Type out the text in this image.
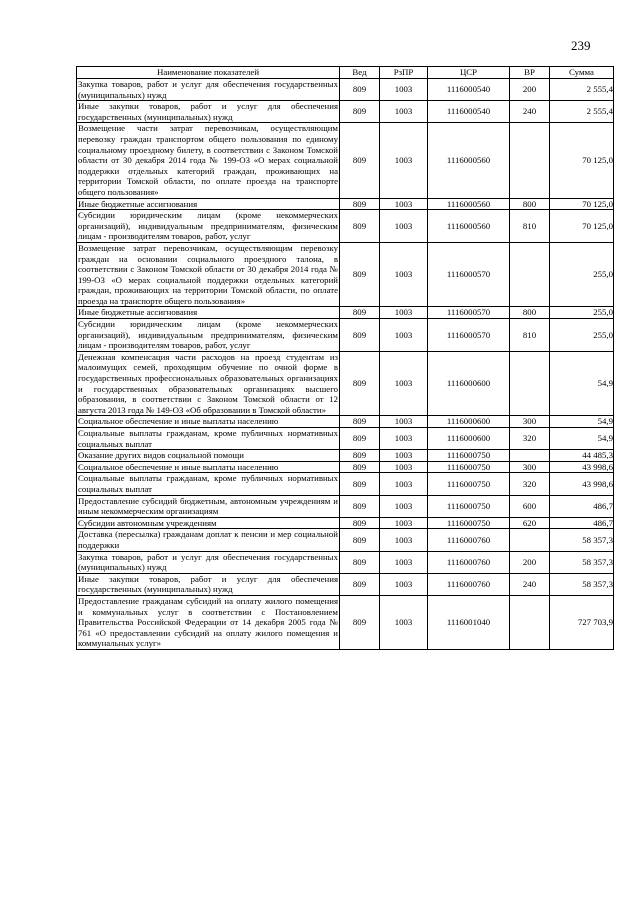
239
Наименование показателей	Вед	РзПР	ЦСР	ВР	Сумма
Закупка товаров, работ и услуг для обеспечения государственных (муниципальных) нужд	809	1003	1116000540	200	2 555,4
Иные закупки товаров, работ и услуг для обеспечения государственных (муниципальных) нужд	809	1003	1116000540	240	2 555,4
Возмещение части затрат перевозчикам, осуществляющим перевозку граждан транспортом общего пользования по единому социальному проездному билету, в соответствии с Законом Томской области от 30 декабря 2014 года № 199-ОЗ «О мерах социальной поддержки отдельных категорий граждан, проживающих на территории Томской области, по оплате проезда на транспорте общего пользования»	809	1003	1116000560		70 125,0
Иные бюджетные ассигнования	809	1003	1116000560	800	70 125,0
Субсидии юридическим лицам (кроме некоммерческих организаций), индивидуальным предпринимателям, физическим лицам - производителям товаров, работ, услуг	809	1003	1116000560	810	70 125,0
Возмещение затрат перевозчикам, осуществляющим перевозку граждан на основании социального проездного талона, в соответствии с Законом Томской области от 30 декабря 2014 года № 199-ОЗ «О мерах социальной поддержки отдельных категорий граждан, проживающих на территории Томской области, по оплате проезда на транспорте общего пользования»	809	1003	1116000570		255,0
Иные бюджетные ассигнования	809	1003	1116000570	800	255,0
Субсидии юридическим лицам (кроме некоммерческих организаций), индивидуальным предпринимателям, физическим лицам - производителям товаров, работ, услуг	809	1003	1116000570	810	255,0
Денежная компенсация части расходов на проезд студентам из малоимущих семей, проходящим обучение по очной форме в государственных профессиональных образовательных организациях и государственных образовательных организациях высшего образования, в соответствии с Законом Томской области от 12 августа 2013 года № 149-ОЗ «Об образовании в Томской области»	809	1003	1116000600		54,9
Социальное обеспечение и иные выплаты населению	809	1003	1116000600	300	54,9
Социальные выплаты гражданам, кроме публичных нормативных социальных выплат	809	1003	1116000600	320	54,9
Оказание других видов социальной помощи	809	1003	1116000750		44 485,3
Социальное обеспечение и иные выплаты населению	809	1003	1116000750	300	43 998,6
Социальные выплаты гражданам, кроме публичных нормативных социальных выплат	809	1003	1116000750	320	43 998,6
Предоставление субсидий бюджетным, автономным учреждениям и иным некоммерческим организациям	809	1003	1116000750	600	486,7
Субсидии автономным учреждениям	809	1003	1116000750	620	486,7
Доставка (пересылка) гражданам доплат к пенсии и мер социальной поддержки	809	1003	1116000760		58 357,3
Закупка товаров, работ и услуг для обеспечения государственных (муниципальных) нужд	809	1003	1116000760	200	58 357,3
Иные закупки товаров, работ и услуг для обеспечения государственных (муниципальных) нужд	809	1003	1116000760	240	58 357,3
Предоставление гражданам субсидий на оплату жилого помещения и коммунальных услуг в соответствии с Постановлением Правительства Российской Федерации от 14 декабря 2005 года № 761 «О предоставлении субсидий на оплату жилого помещения и коммунальных услуг»	809	1003	1116001040		727 703,9
